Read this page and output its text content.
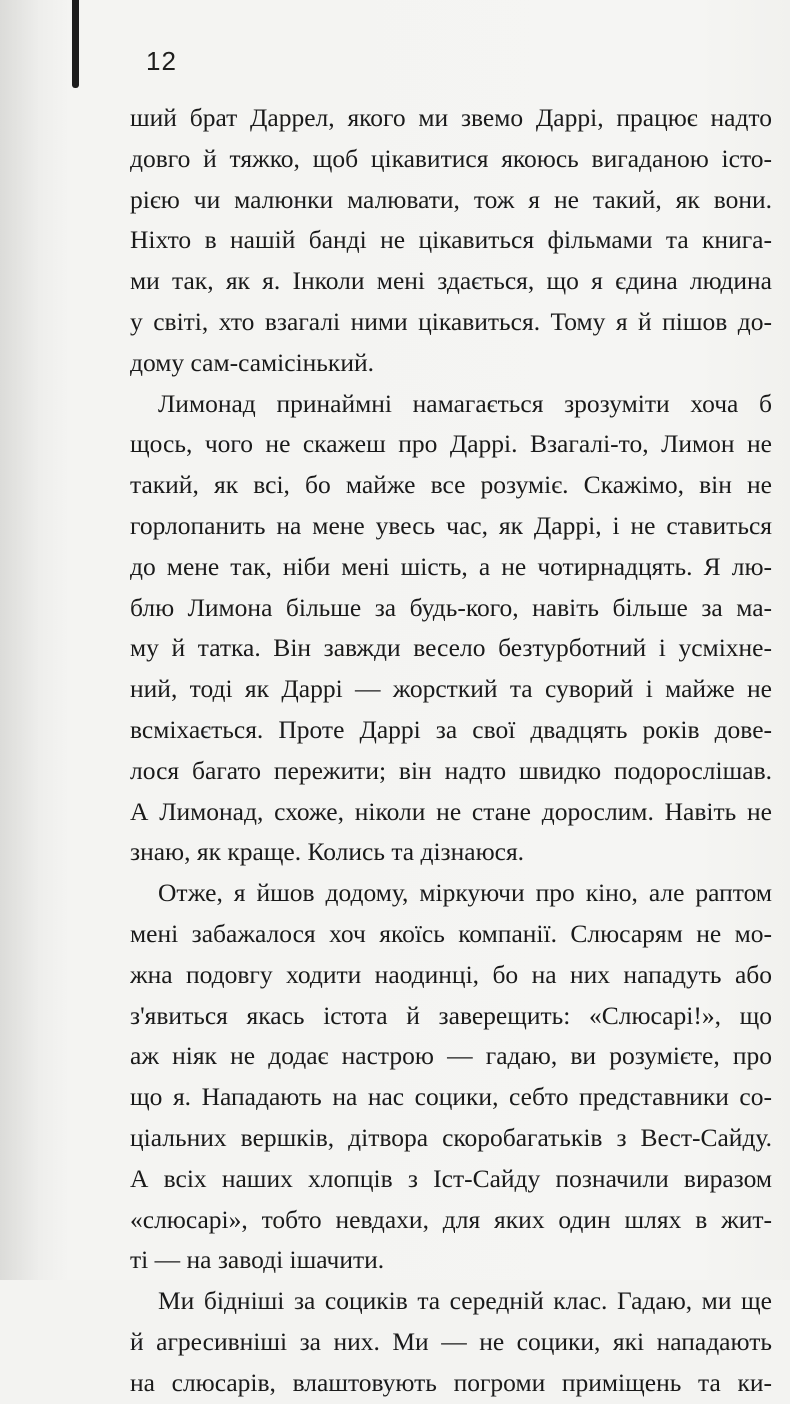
12
ший брат Даррел, якого ми звемо Даррі, працює надто
довго й тяжко, щоб цікавитися якоюсь вигаданою істо-
рією чи малюнки малювати, тож я не такий, як вони.
Ніхто в нашій банді не цікавиться фільмами та книга-
ми так, як я. Інколи мені здається, що я єдина людина
у світі, хто взагалі ними цікавиться. Тому я й пішов до-
дому сам-самісінький.
Лимонад принаймні намагається зрозуміти хоча б
щось, чого не скажеш про Даррі. Взагалі-то, Лимон не
такий, як всі, бо майже все розуміє. Скажімо, він не
горлопанить на мене увесь час, як Даррі, і не ставиться
до мене так, ніби мені шість, а не чотирнадцять. Я лю-
блю Лимона більше за будь-кого, навіть більше за ма-
му й татка. Він завжди весело безтурботний і усміхне-
ний, тоді як Даррі — жорсткий та суворий і майже не
всміхається. Проте Даррі за свої двадцять років дове-
лося багато пережити; він надто швидко подорослішав.
А Лимонад, схоже, ніколи не стане дорослим. Навіть не
знаю, як краще. Колись та дізнаюся.
Отже, я йшов додому, міркуючи про кіно, але раптом
мені забажалося хоч якоїсь компанії. Слюсарям не мо-
жна подовгу ходити наодинці, бо на них нападуть або
з'явиться якась істота й заверещить: «Слюсарі!», що
аж ніяк не додає настрою — гадаю, ви розумієте, про
що я. Нападають на нас социки, себто представники со-
ціальних вершків, дітвора скоробагатьків з Вест-Сайду.
А всіх наших хлопців з Іст-Сайду позначили виразом
«слюсарі», тобто невдахи, для яких один шлях в жит-
ті — на заводі ішачити.
Ми бідніші за социків та середній клас. Гадаю, ми ще
й агресивніші за них. Ми — не социки, які нападають
на слюсарів, влаштовують погроми приміщень та ки-
